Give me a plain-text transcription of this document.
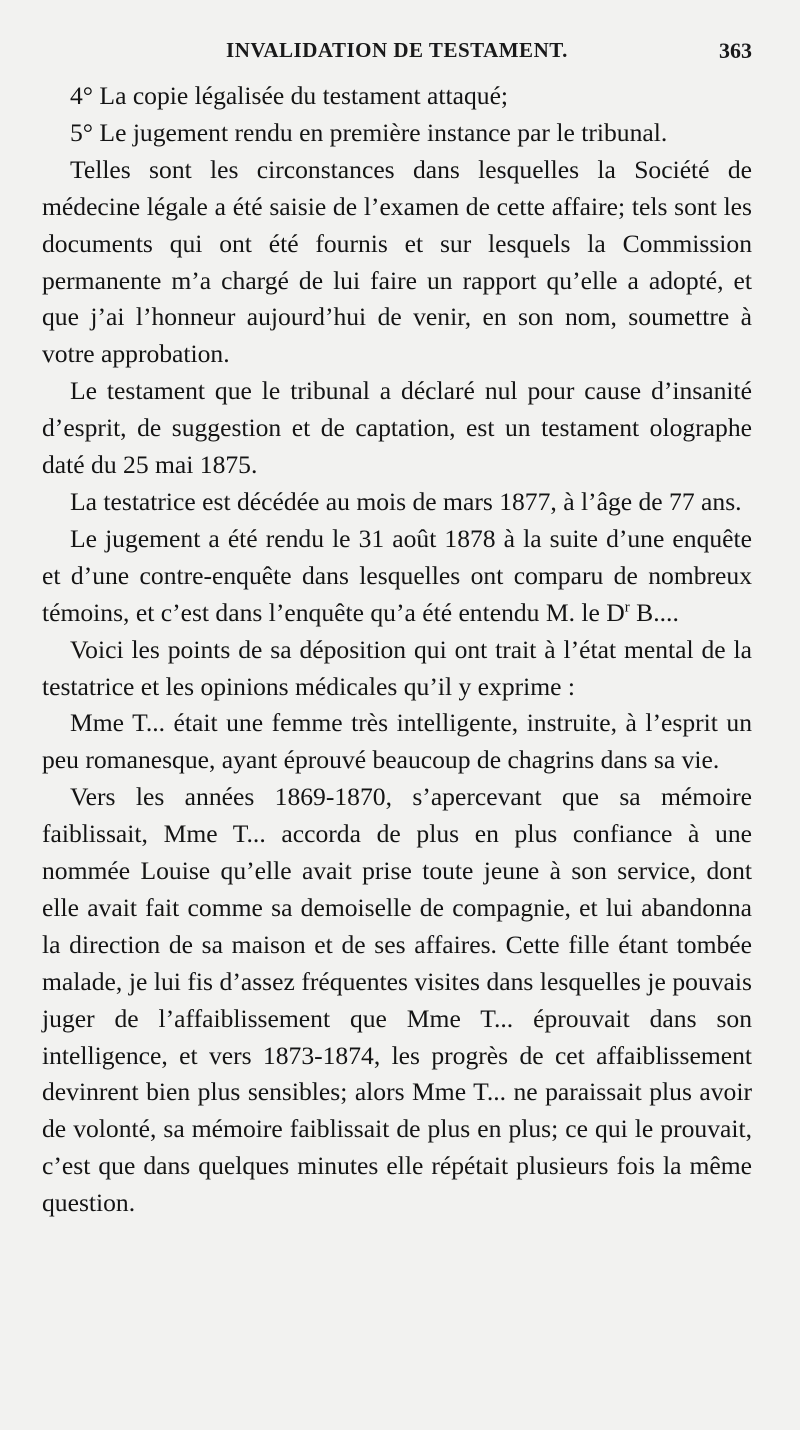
INVALIDATION DE TESTAMENT.	363

4° La copie légalisée du testament attaqué;

5° Le jugement rendu en première instance par le tribunal.

Telles sont les circonstances dans lesquelles la Société de médecine légale a été saisie de l’examen de cette affaire; tels sont les documents qui ont été fournis et sur lesquels la Commission permanente m’a chargé de lui faire un rapport qu’elle a adopté, et que j’ai l’honneur aujourd’hui de venir, en son nom, soumettre à votre approbation.

Le testament que le tribunal a déclaré nul pour cause d’insanité d’esprit, de suggestion et de captation, est un testament olographe daté du 25 mai 1875.

La testatrice est décédée au mois de mars 1877, à l’âge de 77 ans.

Le jugement a été rendu le 31 août 1878 à la suite d’une enquête et d’une contre-enquête dans lesquelles ont comparu de nombreux témoins, et c’est dans l’enquête qu’a été entendu M. le $D^r$ B....

Voici les points de sa déposition qui ont trait à l’état mental de la testatrice et les opinions médicales qu’il y exprime :

Mme T... était une femme très intelligente, instruite, à l’esprit un peu romanesque, ayant éprouvé beaucoup de chagrins dans sa vie.

Vers les années 1869-1870, s’apercevant que sa mémoire faiblissait, Mme T... accorda de plus en plus confiance à une nommée Louise qu’elle avait prise toute jeune à son service, dont elle avait fait comme sa demoiselle de compagnie, et lui abandonna la direction de sa maison et de ses affaires. Cette fille étant tombée malade, je lui fis d’assez fréquentes visites dans lesquelles je pouvais juger de l’affaiblissement que Mme T... éprouvait dans son intelligence, et vers 1873-1874, les progrès de cet affaiblissement devinrent bien plus sensibles; alors Mme T... ne paraissait plus avoir de volonté, sa mémoire faiblissait de plus en plus; ce qui le prouvait, c’est que dans quelques minutes elle répétait plusieurs fois la même question.
